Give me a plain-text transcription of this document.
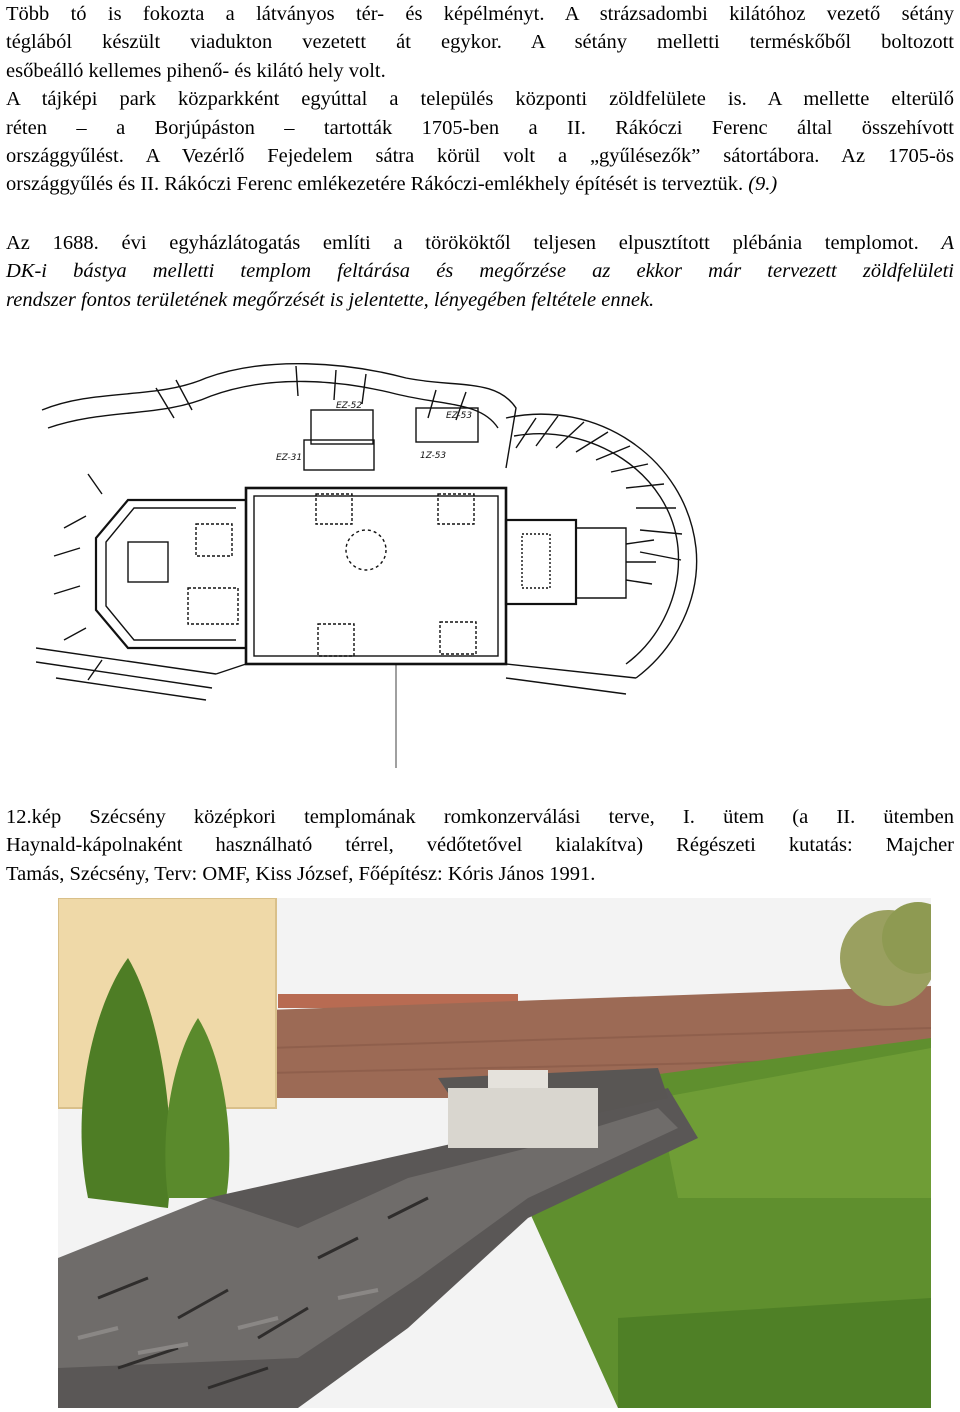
Több tó is fokozta a látványos tér- és képélményt. A strázsadombi kilátóhoz vezető sétány
téglából készült viadukton vezetett át egykor. A sétány melletti terméskőből boltozott
esőbeálló kellemes pihenő- és kilátó hely volt.
A tájképi park közparkként egyúttal a település központi zöldfelülete is. A mellette elterülő
réten – a Borjúpáston – tartották 1705-ben a II. Rákóczi Ferenc által összehívott
országgyűlést. A Vezérlő Fejedelem sátra körül volt a „gyűlésezők” sátortábora. Az 1705-ös
országgyűlés és II. Rákóczi Ferenc emlékezetére Rákóczi-emlékhely építését is terveztük. (9.)
Az 1688. évi egyházlátogatás említi a törököktől teljesen elpusztított plébánia templomot. A
DK-i bástya melletti templom feltárása és megőrzése az ekkor már tervezett zöldfelületi
rendszer fontos területének megőrzését is jelentette, lényegében feltétele ennek.
EZ-52
EZ-53
EZ-31	1Z-53
12.kép Szécsény középkori templomának romkonzerválási terve, I. ütem (a II. ütemben
Haynald-kápolnaként használható térrel, védőtetővel kialakítva) Régészeti kutatás: Majcher
Tamás, Szécsény, Terv: OMF, Kiss József, Főépítész: Kóris János 1991.
